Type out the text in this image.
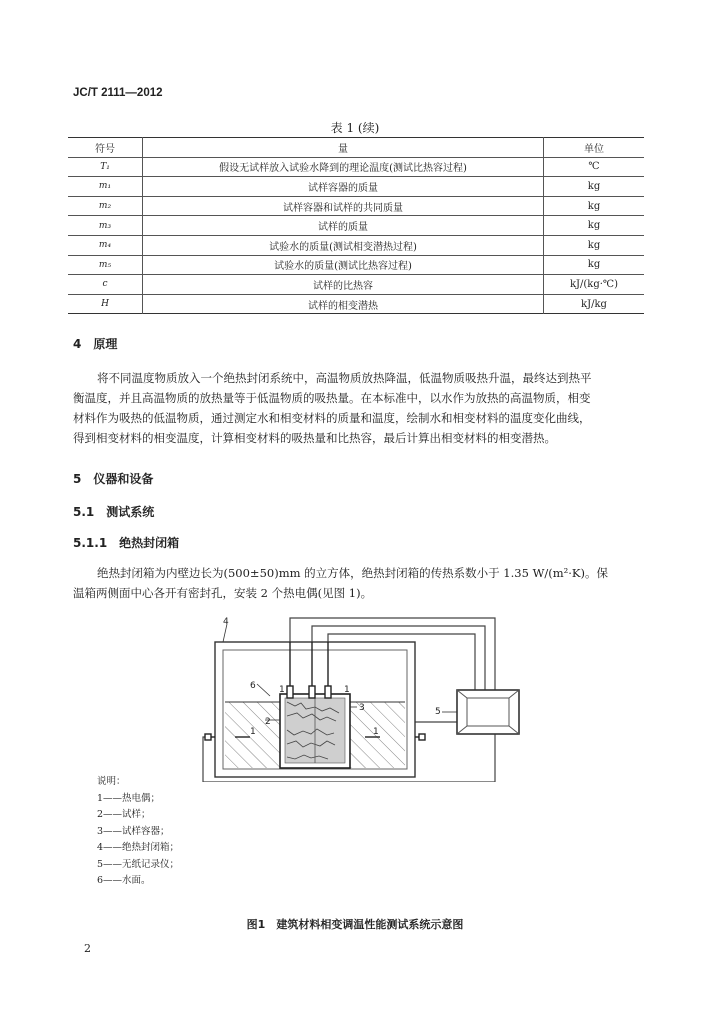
JC/T 2111—2012
表 1 (续)
符号	量	单位
T₁	假设无试样放入试验水降到的理论温度(测试比热容过程)	℃
m₁	试样容器的质量	kg
m₂	试样容器和试样的共同质量	kg
m₃	试样的质量	kg
m₄	试验水的质量(测试相变潜热过程)	kg
m₅	试验水的质量(测试比热容过程)	kg
c	试样的比热容	kJ/(kg·℃)
H	试样的相变潜热	kJ/kg
4　原理
将不同温度物质放入一个绝热封闭系统中，高温物质放热降温，低温物质吸热升温，最终达到热平
衡温度，并且高温物质的放热量等于低温物质的吸热量。在本标准中，以水作为放热的高温物质，相变
材料作为吸热的低温物质，通过测定水和相变材料的质量和温度，绘制水和相变材料的温度变化曲线，
得到相变材料的相变温度，计算相变材料的吸热量和比热容，最后计算出相变材料的相变潜热。
5　仪器和设备
5.1　测试系统
5.1.1　绝热封闭箱
绝热封闭箱为内壁边长为(500±50)mm 的立方体，绝热封闭箱的传热系数小于 1.35 W/(m²·K)。保
温箱两侧面中心各开有密封孔，安装 2 个热电偶(见图 1)。
4
6	1	1
2
3
1	1
5
说明：
1——热电偶；
2——试样；
3——试样容器；
4——绝热封闭箱；
5——无纸记录仪；
6——水面。
图1　建筑材料相变调温性能测试系统示意图
2
